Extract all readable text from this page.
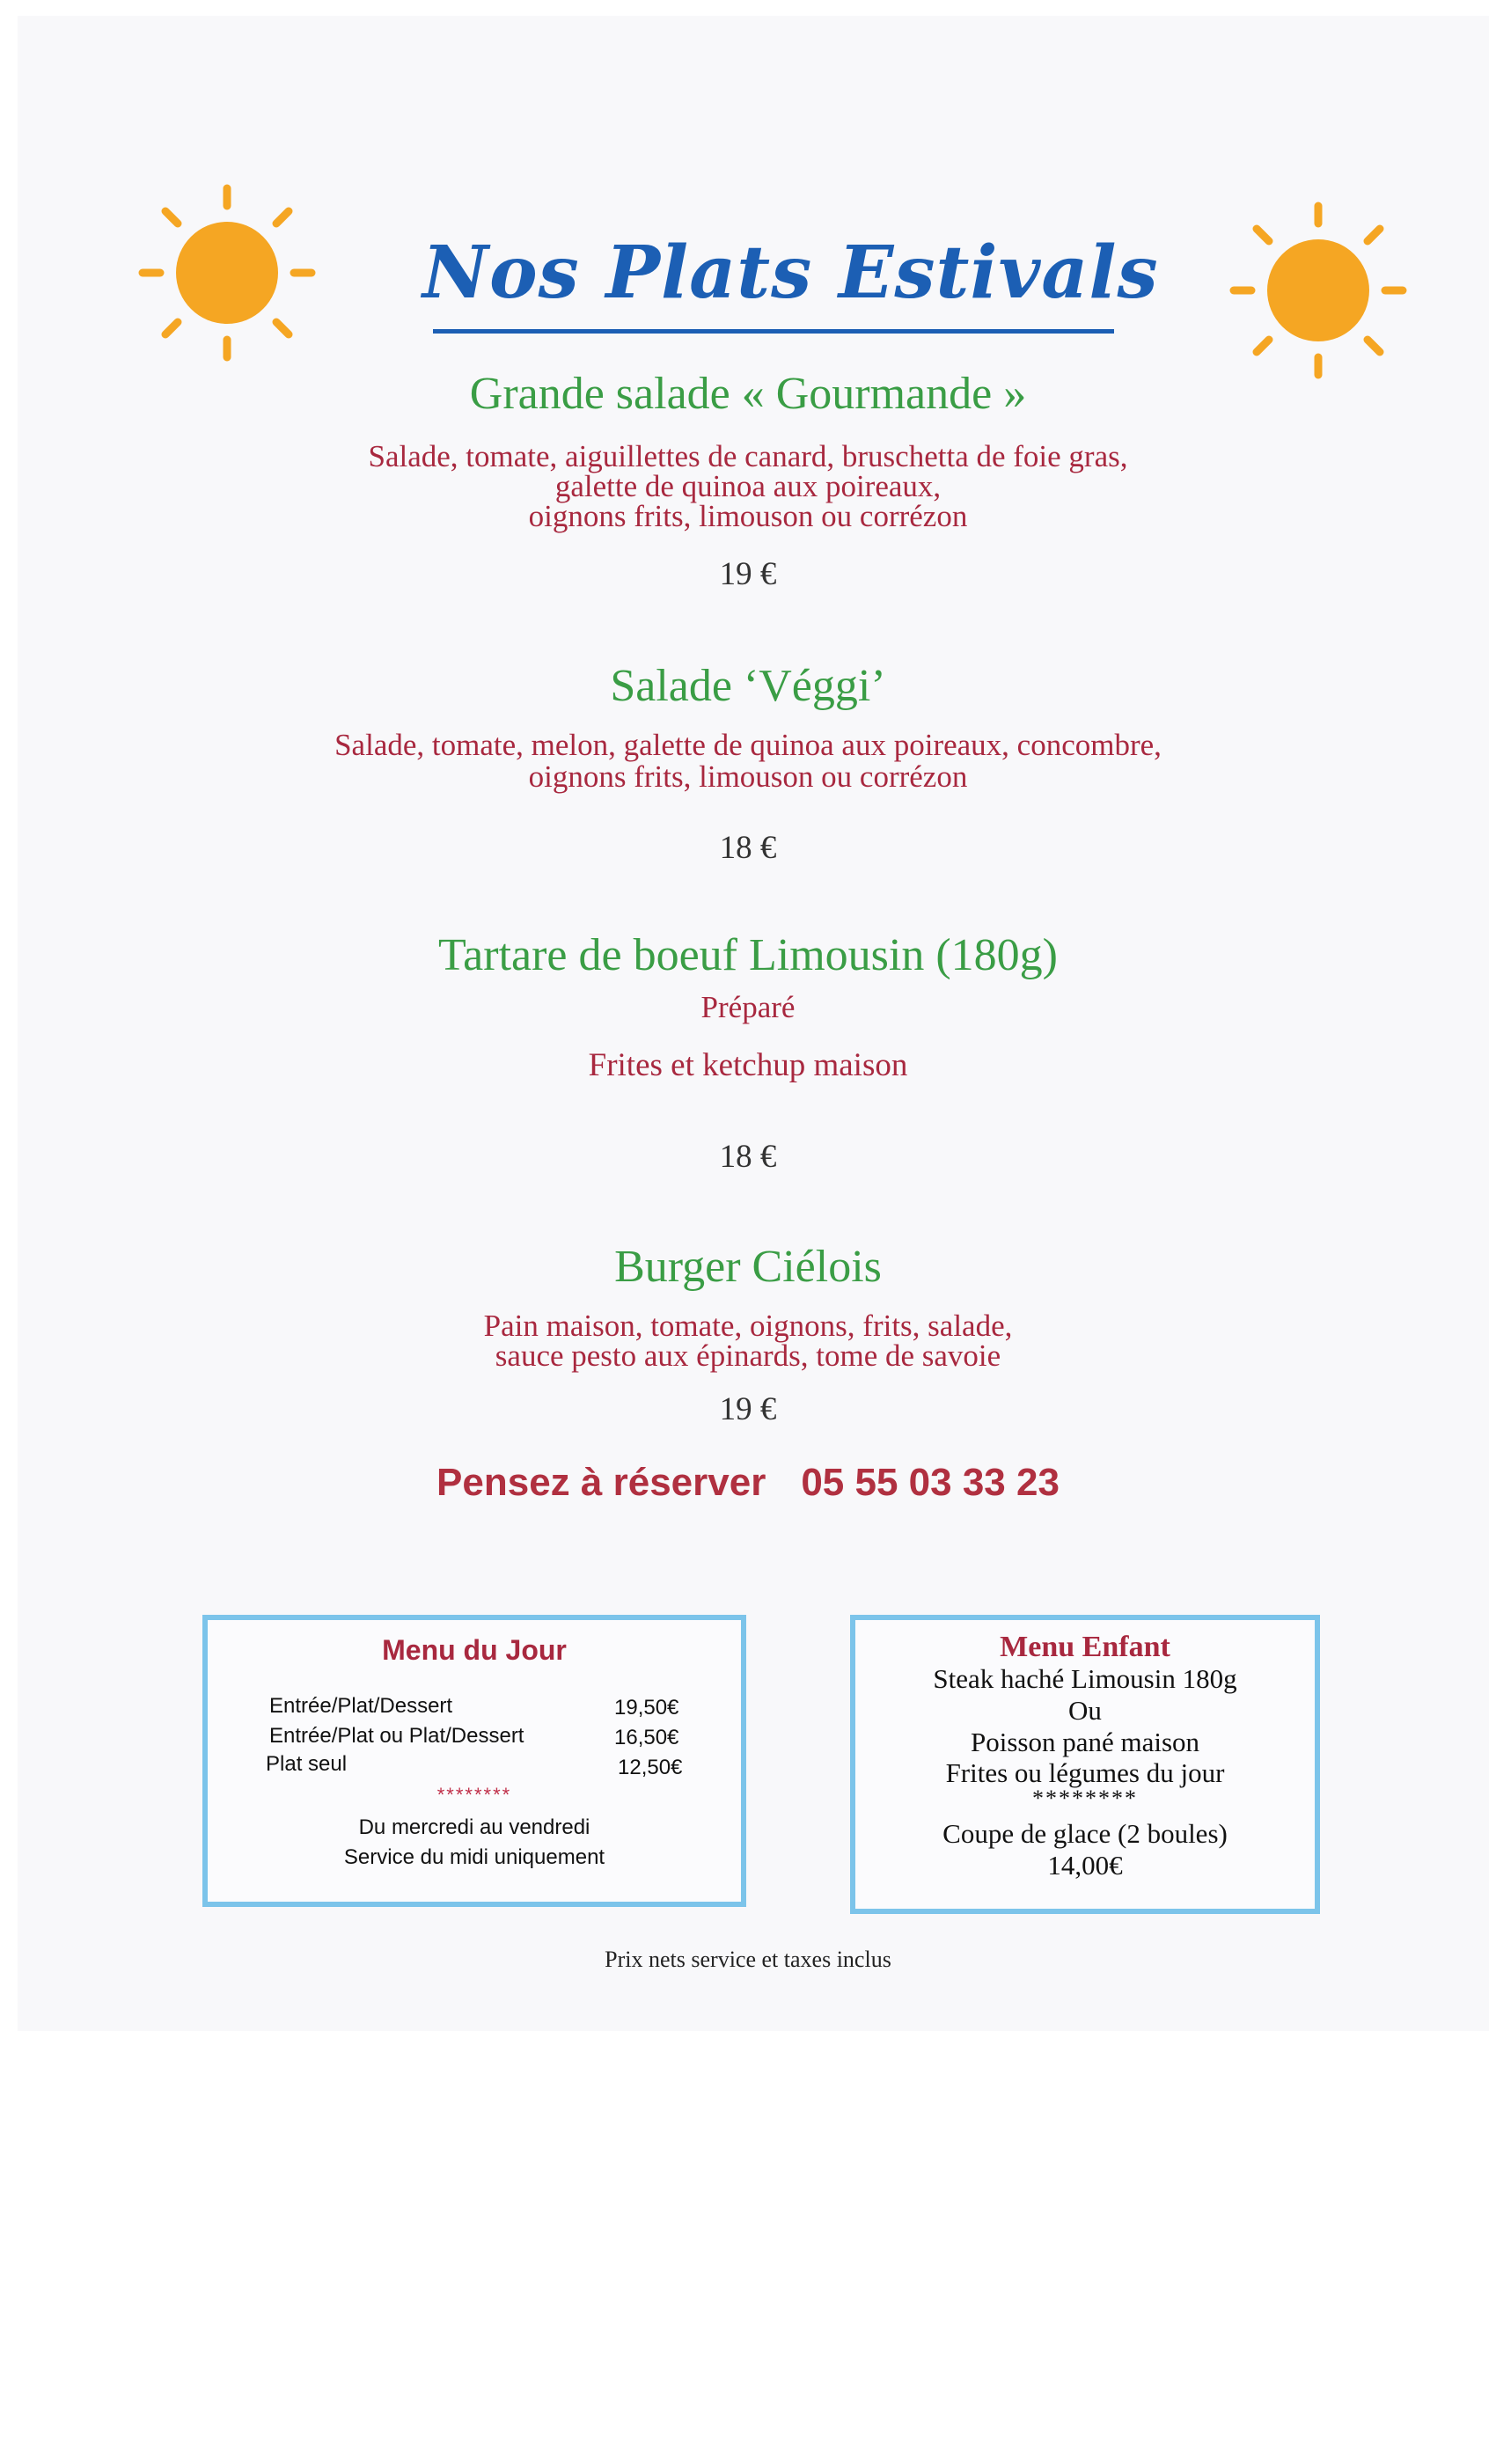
Nos Plats Estivals
Grande salade « Gourmande »
Salade, tomate, aiguillettes de canard, bruschetta de foie gras,
galette de quinoa aux poireaux,
oignons frits, limouson ou corrézon
19 €
Salade ‘Véggi’
Salade, tomate, melon, galette de quinoa aux poireaux, concombre,
oignons frits, limouson ou corrézon
18 €
Tartare de boeuf Limousin (180g)
Préparé
Frites et ketchup maison
18 €
Burger Ciélois
Pain maison, tomate, oignons, frits, salade,
sauce pesto aux épinards, tome de savoie
19 €
Pensez à réserver 05 55 03 33 23
Menu du Jour
Entrée/Plat/Dessert	19,50€
Entrée/Plat ou Plat/Dessert	16,50€
Plat seul	12,50€
********
Du mercredi au vendredi
Service du midi uniquement
Menu Enfant
Steak haché Limousin 180g
Ou
Poisson pané maison
Frites ou légumes du jour
********
Coupe de glace (2 boules)
14,00€
Prix nets service et taxes inclus
